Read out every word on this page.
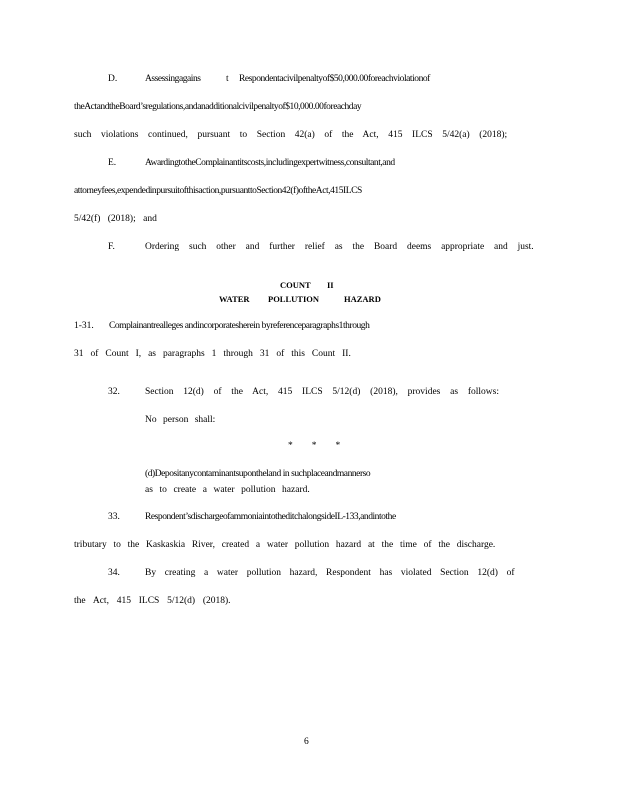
D.	Assessingagains	t Respondentacivilpenaltyof$50,000.00foreachviolationof
theActandtheBoard’sregulations,andanadditionalcivilpenaltyof$10,000.00foreachday
such violations continued, pursuant to Section 42(a) of the Act, 415 ILCS 5/42(a) (2018);
E.	AwardingtotheComplainantitscosts,includingexpertwitness,consultant,and
attorneyfees,expendedinpursuitofthisaction,pursuanttoSection42(f)oftheAct,415ILCS
5/42(f) (2018); and
F.	Ordering such other and further relief as the Board deems appropriate and just.
COUNT II
WATER POLLUTION	HAZARD
1-31. Complainantrealleges andincorporatesherein byreferenceparagraphs1through
31 of Count I, as paragraphs 1 through 31 of this Count II.
32.	Section 12(d) of the Act, 415 ILCS 5/12(d) (2018), provides as follows:
No person shall:
*        *        *
(d)Depositanycontaminantsupontheland in suchplaceandmannerso
as to create a water pollution hazard.
33.	Respondent’sdischargeofammoniaintotheditchalongsideIL-133,andintothe
tributary to the Kaskaskia River, created a water pollution hazard at the time of the discharge.
34.	By creating a water pollution hazard, Respondent has violated Section 12(d) of
the Act, 415 ILCS 5/12(d) (2018).
6
